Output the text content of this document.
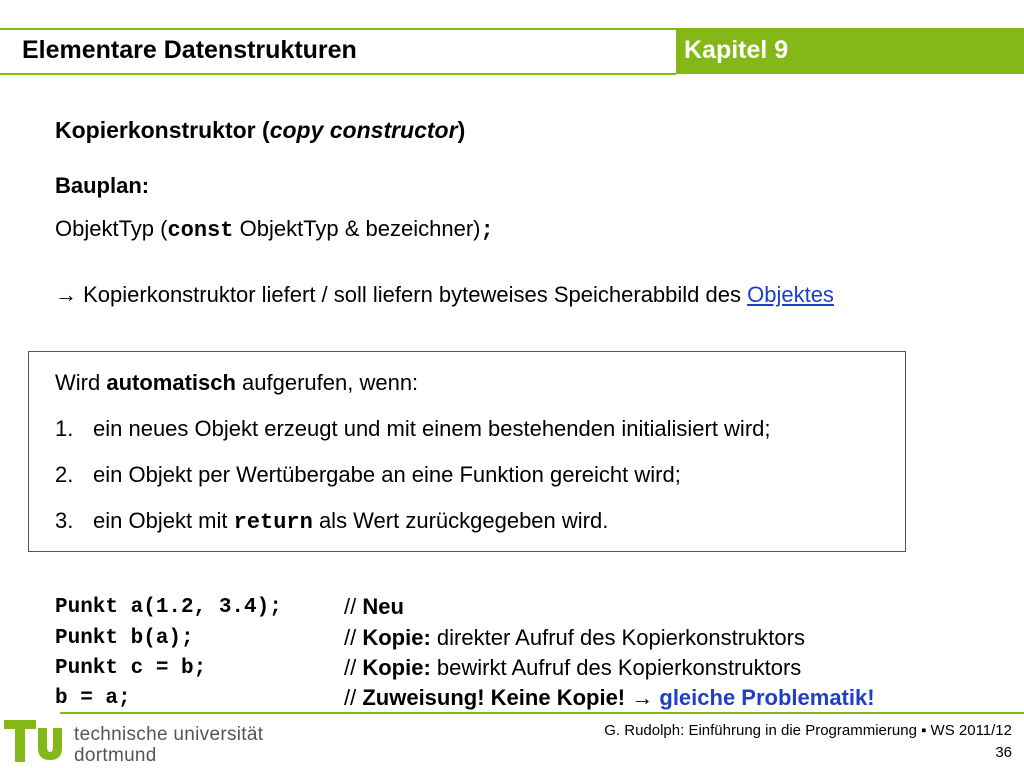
Elementare Datenstrukturen	Kapitel 9
Kopierkonstruktor (copy constructor)
Bauplan:
ObjektTyp (const ObjektTyp & bezeichner);
→ Kopierkonstruktor liefert / soll liefern byteweises Speicherabbild des Objektes
Wird automatisch aufgerufen, wenn:
1. ein neues Objekt erzeugt und mit einem bestehenden initialisiert wird;
2. ein Objekt per Wertübergabe an eine Funktion gereicht wird;
3. ein Objekt mit return als Wert zurückgegeben wird.
Punkt a(1.2, 3.4);	// Neu
Punkt b(a);	// Kopie: direkter Aufruf des Kopierkonstruktors
Punkt c = b;	// Kopie: bewirkt Aufruf des Kopierkonstruktors
b = a;	// Zuweisung! Keine Kopie! → gleiche Problematik!
technische universität
dortmund
G. Rudolph: Einführung in die Programmierung ▪ WS 2011/12
36
